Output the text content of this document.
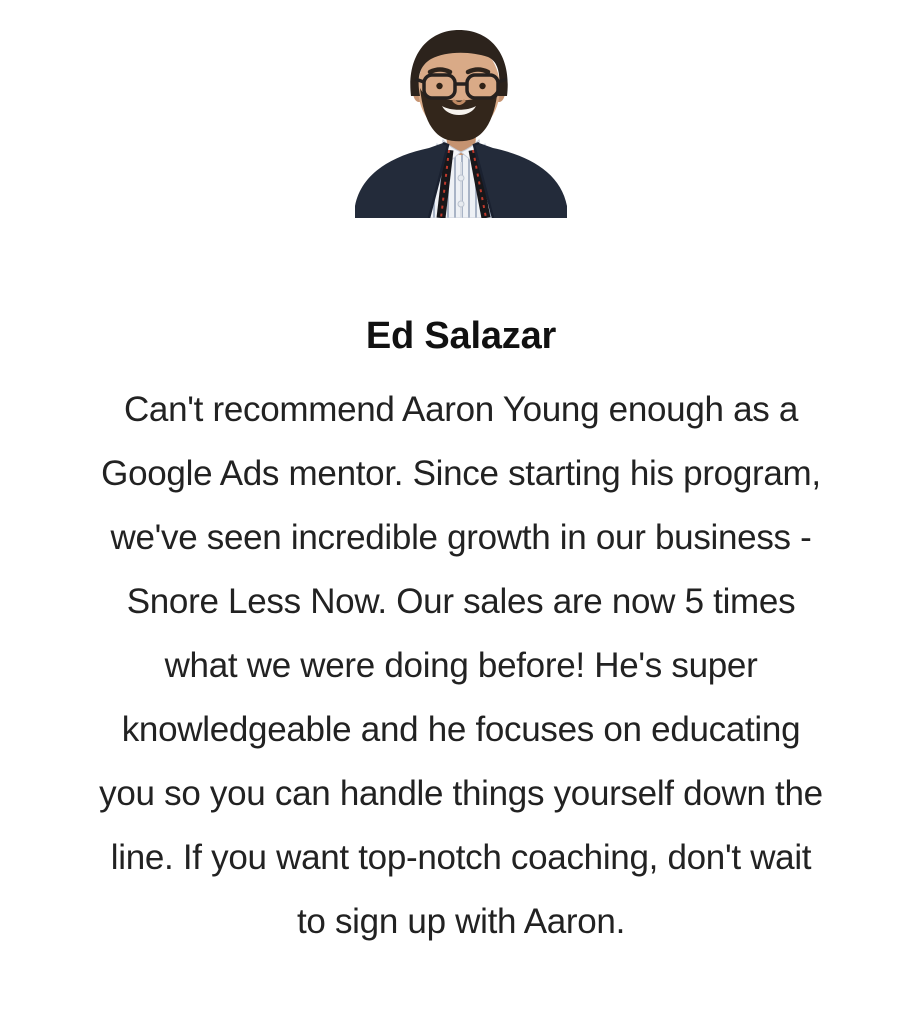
Ed Salazar

Can't recommend Aaron Young enough as a Google Ads mentor. Since starting his program, we've seen incredible growth in our business - Snore Less Now. Our sales are now 5 times what we were doing before! He's super knowledgeable and he focuses on educating you so you can handle things yourself down the line. If you want top-notch coaching, don't wait to sign up with Aaron.
